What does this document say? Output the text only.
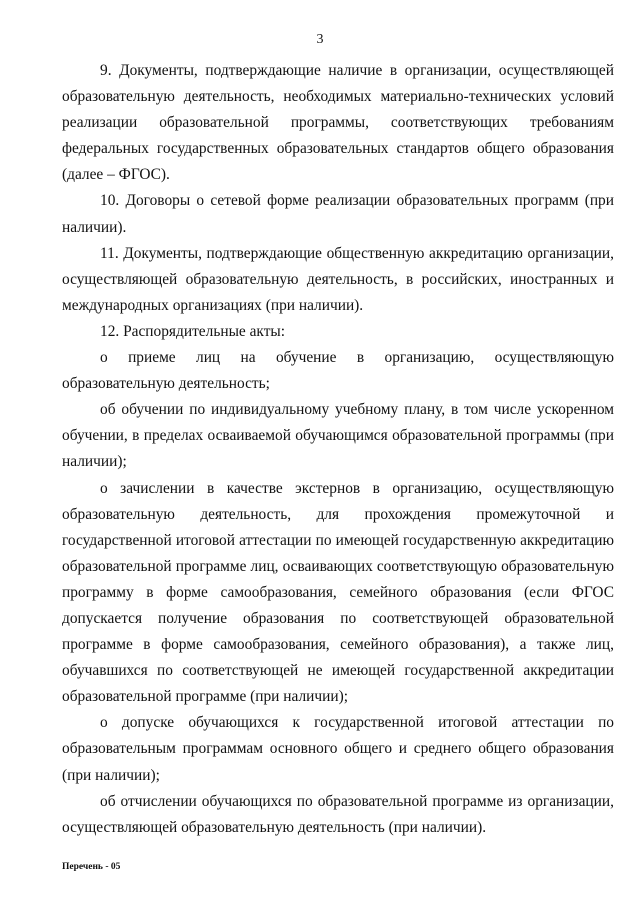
3

9. Документы, подтверждающие наличие в организации, осуществляющей образовательную деятельность, необходимых материально-технических условий реализации образовательной программы, соответствующих требованиям федеральных государственных образовательных стандартов общего образования (далее – ФГОС).

10. Договоры о сетевой форме реализации образовательных программ (при наличии).

11. Документы, подтверждающие общественную аккредитацию организации, осуществляющей образовательную деятельность, в российских, иностранных и международных организациях (при наличии).

12. Распорядительные акты:

о приеме лиц на обучение в организацию, осуществляющую образовательную деятельность;

об обучении по индивидуальному учебному плану, в том числе ускоренном обучении, в пределах осваиваемой обучающимся образовательной программы (при наличии);

о зачислении в качестве экстернов в организацию, осуществляющую образовательную деятельность, для прохождения промежуточной и государственной итоговой аттестации по имеющей государственную аккредитацию образовательной программе лиц, осваивающих соответствующую образовательную программу в форме самообразования, семейного образования (если ФГОС допускается получение образования по соответствующей образовательной программе в форме самообразования, семейного образования), а также лиц, обучавшихся по соответствующей не имеющей государственной аккредитации образовательной программе (при наличии);

о допуске обучающихся к государственной итоговой аттестации по образовательным программам основного общего и среднего общего образования (при наличии);

об отчислении обучающихся по образовательной программе из организации, осуществляющей образовательную деятельность (при наличии).

Перечень - 05
